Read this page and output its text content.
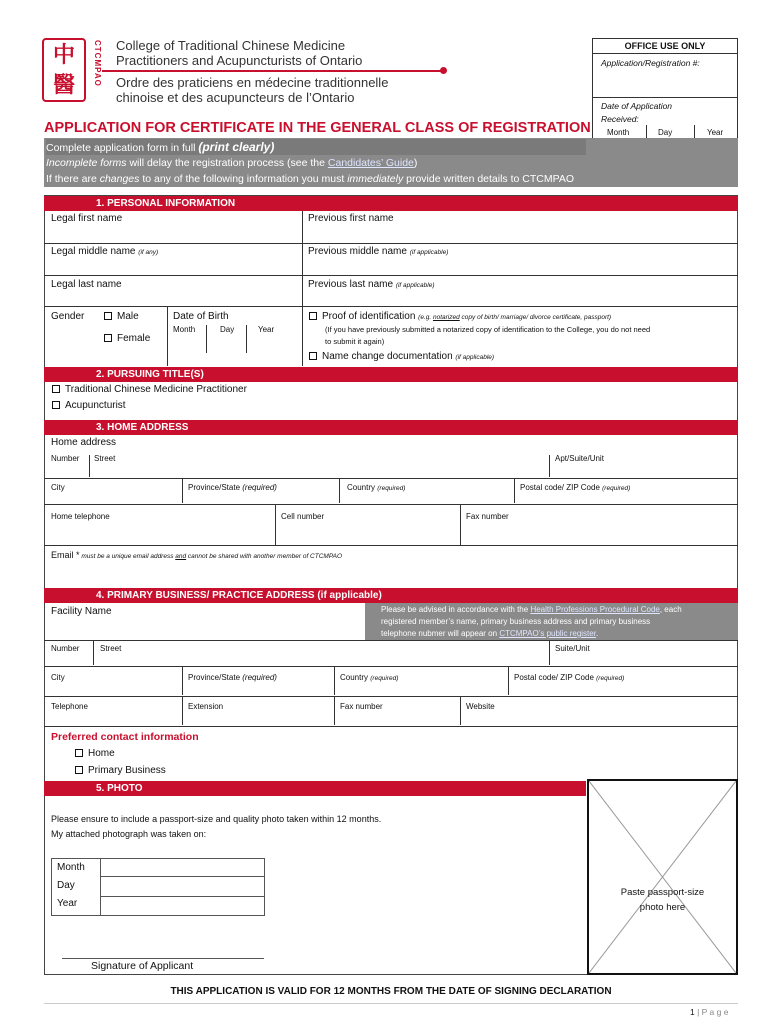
中醫	CTCMPAO College of Traditional Chinese Medicine
Practitioners and Acupuncturists of Ontario
Ordre des praticiens en médecine traditionnelle
chinoise et des acupuncteurs de l’Ontario
OFFICE USE ONLY
Application/Registration #:
Date of Application
Received:
Month	Day	Year
APPLICATION FOR CERTIFICATE IN THE GENERAL CLASS OF REGISTRATION
Complete application form in full (print clearly)
Incomplete forms will delay the registration process (see the Candidates’ Guide)
If there are changes to any of the following information you must immediately provide written details to CTCMPAO
1. PERSONAL INFORMATION
Legal first name	Previous first name
Legal middle name (if any)	Previous middle name (if applicable)
Legal last name	Previous last name (if applicable)
Gender	Male
Female
Date of Birth
Month	Day	Year
Proof of identification (e.g. notarized copy of birth/ marriage/ divorce certificate, passport)
(If you have previously submitted a notarized copy of identification to the College, you do not need
to submit it again)
Name change documentation (if applicable)
2. PURSUING TITLE(S)
Traditional Chinese Medicine Practitioner
Acupuncturist
3. HOME ADDRESS
Home address
Number Street	Apt/Suite/Unit
City	Province/State (required)	Country (required)	Postal code/ ZIP Code (required)
Home telephone	Cell number	Fax number
Email * must be a unique email address and cannot be shared with another member of CTCMPAO
4. PRIMARY BUSINESS/ PRACTICE ADDRESS (if applicable)
Facility Name	Please be advised in accordance with the Health Professions Procedural Code, each
registered member’s name, primary business address and primary business
telephone nubmer will appear on CTCMPAO’s public register.
Number	Street	Suite/Unit
City	Province/State (required)	Country (required)	Postal code/ ZIP Code (required)
Telephone	Extension	Fax number	Website
Preferred contact information
Home
Primary Business
5. PHOTO
Please ensure to include a passport-size and quality photo taken within 12 months.
My attached photograph was taken on:
Month
Day
Year
Signature of Applicant
Paste passport-size
photo here
THIS APPLICATION IS VALID FOR 12 MONTHS FROM THE DATE OF SIGNING DECLARATION
1 | P a g e
